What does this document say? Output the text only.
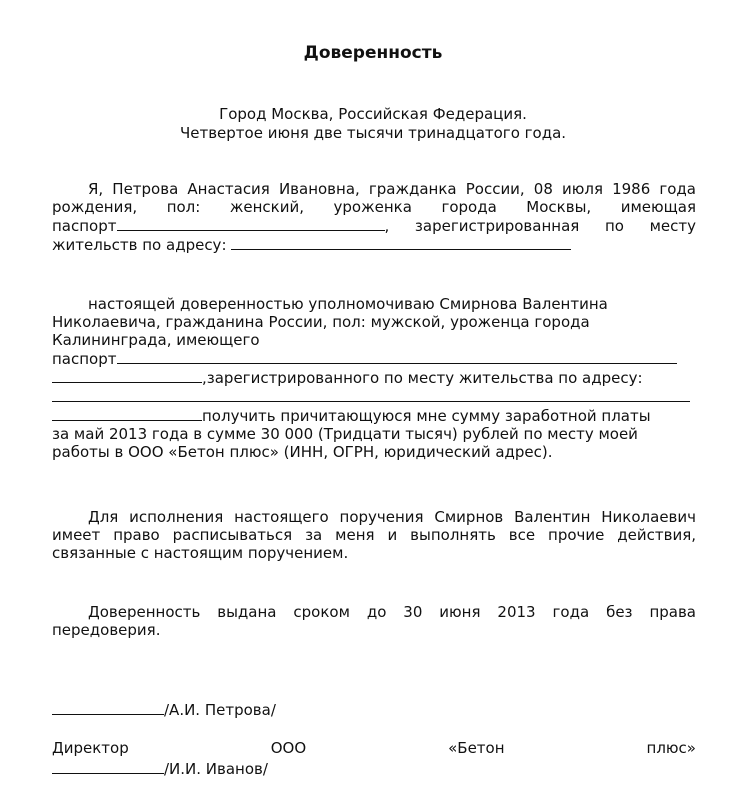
Доверенность
Город Москва, Российская Федерация.
Четвертое июня две тысячи тринадцатого года.
Я, Петрова Анастасия Ивановна, гражданка России, 08 июля 1986 года
рождения, пол: женский, уроженка города Москвы, имеющая
паспорт	, зарегистрированная по месту
жительств по адресу:
настоящей доверенностью уполномочиваю Смирнова Валентина
Николаевича, гражданина России, пол: мужской, уроженца города
Калининграда, имеющего
паспорт
,зарегистрированного по месту жительства по адресу:
получить причитающуюся мне сумму заработной платы
за май 2013 года в сумме 30 000 (Тридцати тысяч) рублей по месту моей
работы в ООО «Бетон плюс» (ИНН, ОГРН, юридический адрес).
Для исполнения настоящего поручения Смирнов Валентин Николаевич
имеет право расписываться за меня и выполнять все прочие действия,
связанные с настоящим поручением.
Доверенность выдана сроком до 30 июня 2013 года без права
передоверия.
/А.И. Петрова/
Директор	ООО	«Бетон	плюс»
/И.И. Иванов/
